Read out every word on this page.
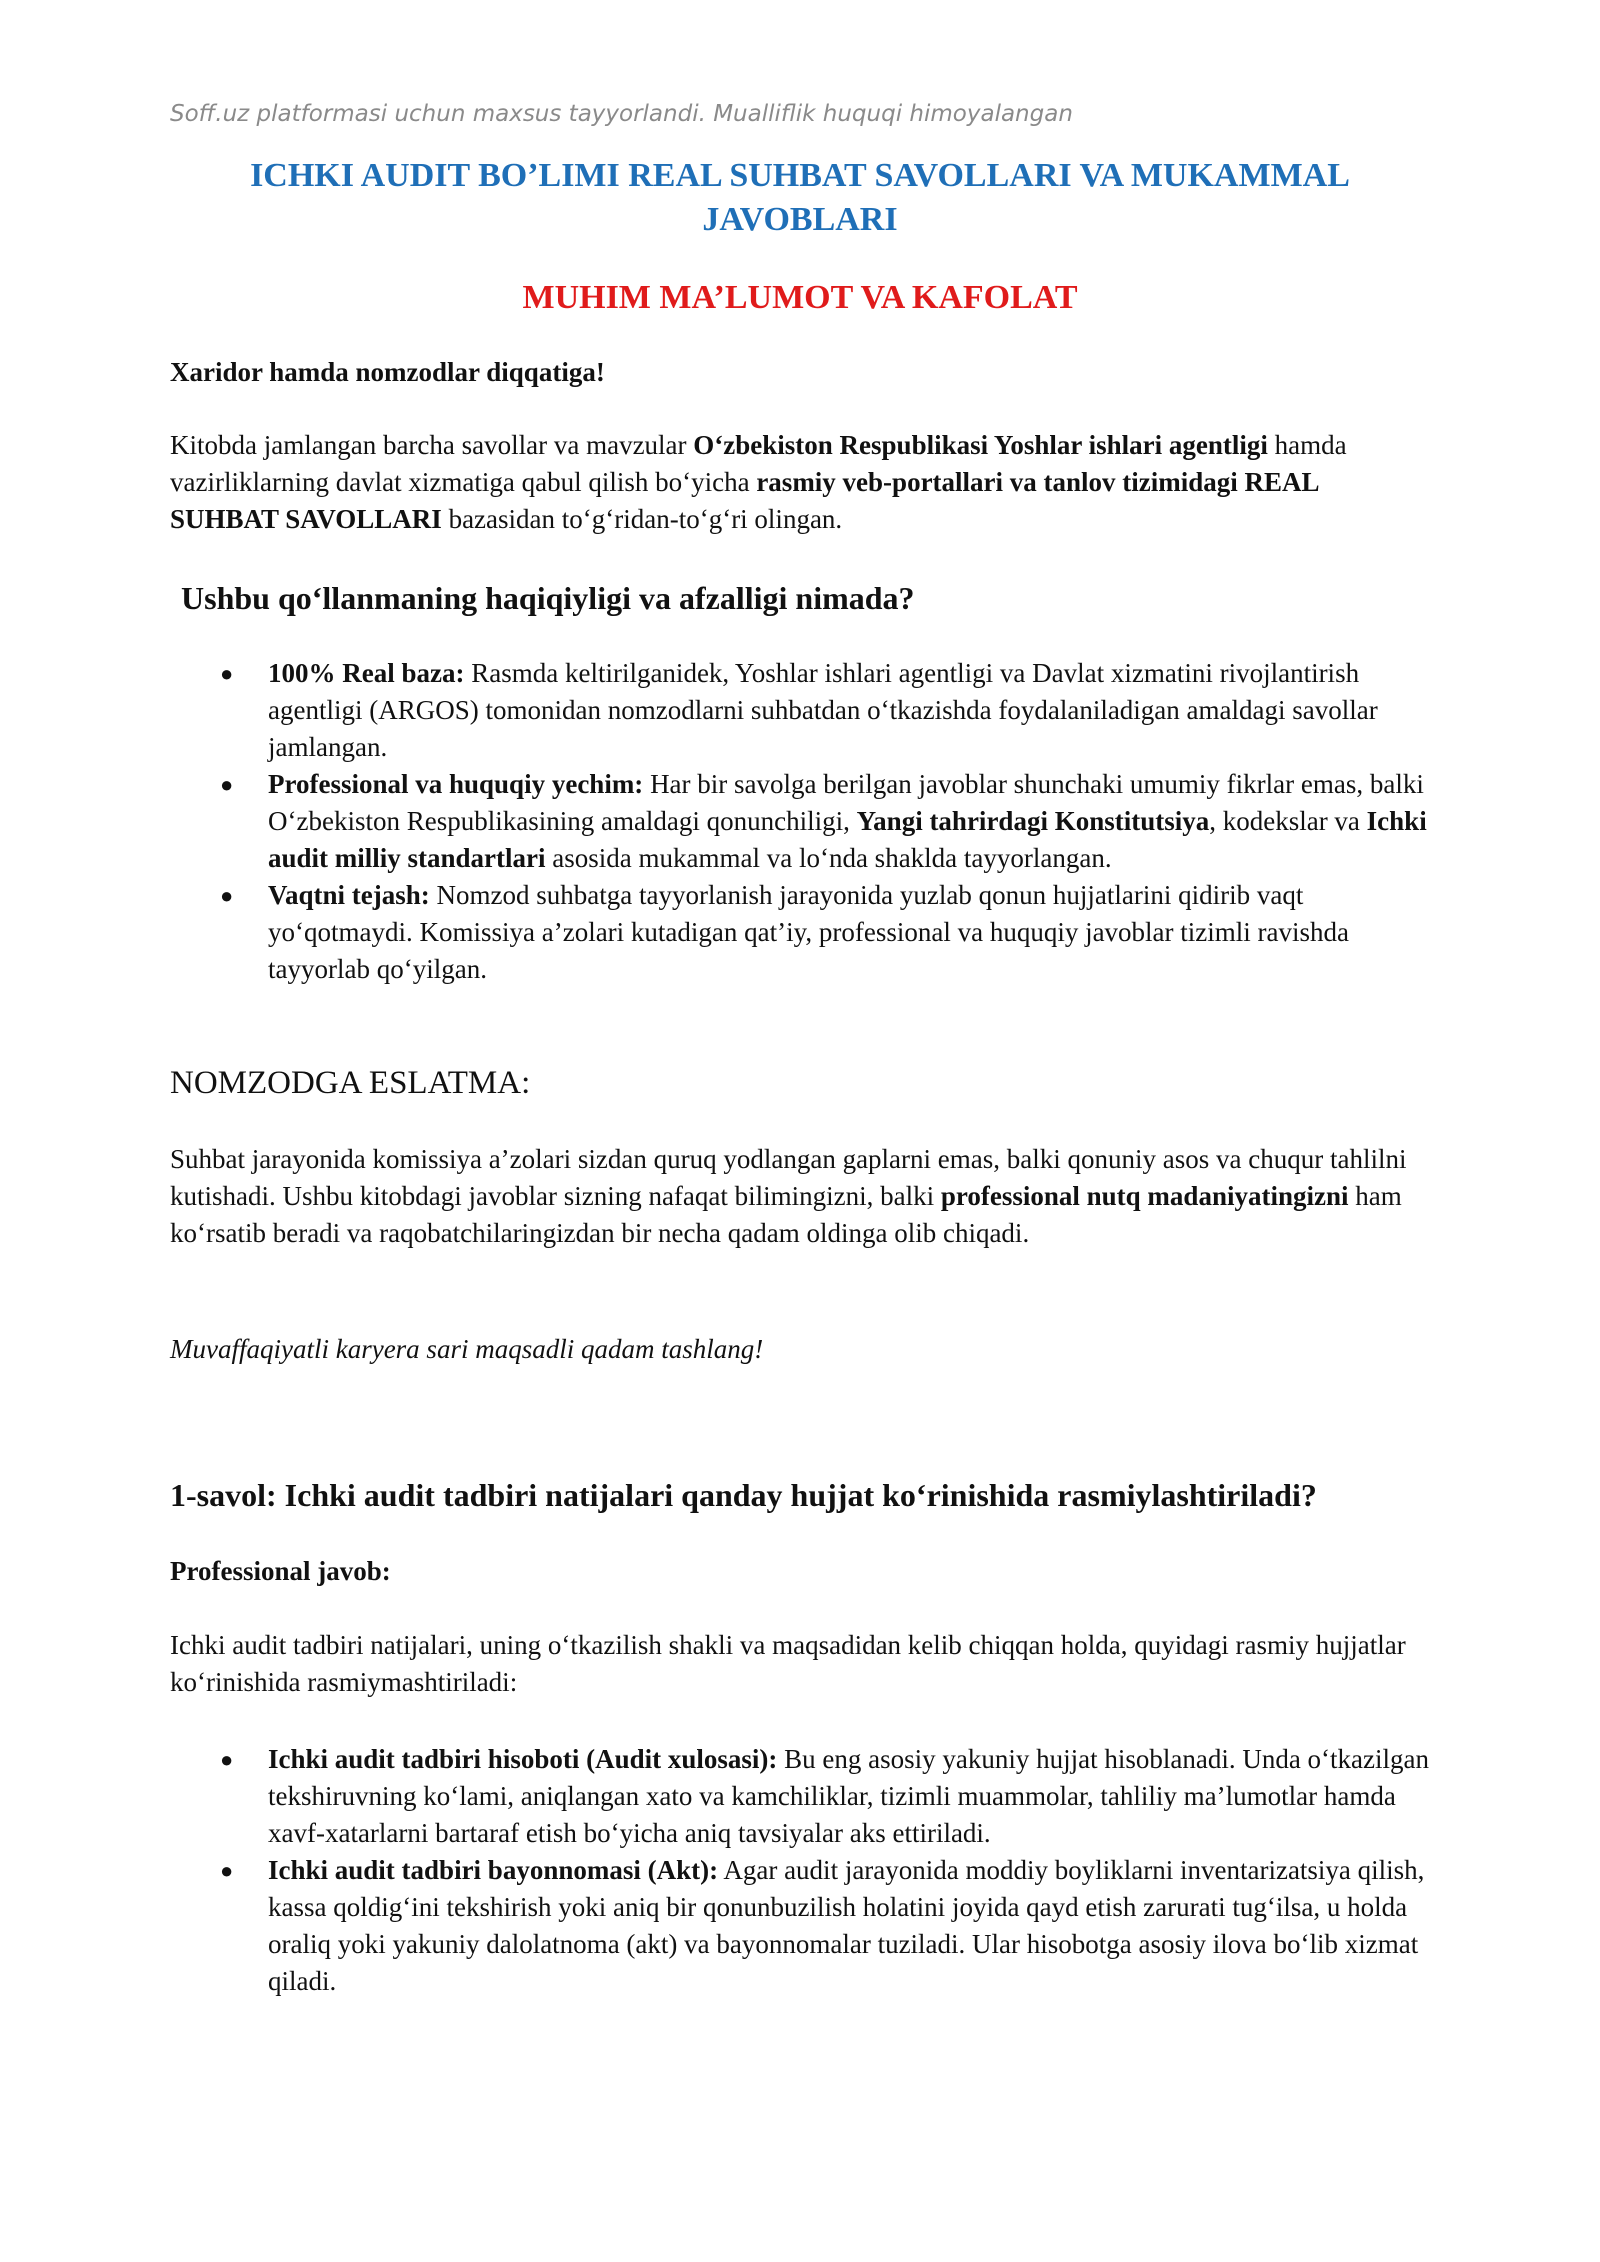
Soff.uz platformasi uchun maxsus tayyorlandi. Mualliflik huquqi himoyalangan

ICHKI AUDIT BO’LIMI REAL SUHBAT SAVOLLARI VA MUKAMMAL
JAVOBLARI
MUHIM MA’LUMOT VA KAFOLAT

Xaridor hamda nomzodlar diqqatiga!

Kitobda jamlangan barcha savollar va mavzular O‘zbekiston Respublikasi Yoshlar ishlari agentligi hamda vazirliklarning davlat xizmatiga qabul qilish bo‘yicha rasmiy veb-portallari va tanlov tizimidagi REAL SUHBAT SAVOLLARI bazasidan to‘g‘ridan-to‘g‘ri olingan.

Ushbu qo‘llanmaning haqiqiyligi va afzalligi nimada?
● 100% Real baza: Rasmda keltirilganidek, Yoshlar ishlari agentligi va Davlat xizmatini rivojlantirish agentligi (ARGOS) tomonidan nomzodlarni suhbatdan o‘tkazishda foydalaniladigan amaldagi savollar jamlangan.
● Professional va huquqiy yechim: Har bir savolga berilgan javoblar shunchaki umumiy fikrlar emas, balki O‘zbekiston Respublikasining amaldagi qonunchiligi, Yangi tahrirdagi Konstitutsiya, kodekslar va Ichki audit milliy standartlari asosida mukammal va lo‘nda shaklda tayyorlangan.
● Vaqtni tejash: Nomzod suhbatga tayyorlanish jarayonida yuzlab qonun hujjatlarini qidirib vaqt yo‘qotmaydi. Komissiya a’zolari kutadigan qat’iy, professional va huquqiy javoblar tizimli ravishda tayyorlab qo‘yilgan.
NOMZODGA ESLATMA:

Suhbat jarayonida komissiya a’zolari sizdan quruq yodlangan gaplarni emas, balki qonuniy asos va chuqur tahlilni kutishadi. Ushbu kitobdagi javoblar sizning nafaqat bilimingizni, balki professional nutq madaniyatingizni ham ko‘rsatib beradi va raqobatchilaringizdan bir necha qadam oldinga olib chiqadi.

Muvaffaqiyatli karyera sari maqsadli qadam tashlang!

1-savol: Ichki audit tadbiri natijalari qanday hujjat ko‘rinishida rasmiylashtiriladi?

Professional javob:

Ichki audit tadbiri natijalari, uning o‘tkazilish shakli va maqsadidan kelib chiqqan holda, quyidagi rasmiy hujjatlar ko‘rinishida rasmiymashtiriladi:

● Ichki audit tadbiri hisoboti (Audit xulosasi): Bu eng asosiy yakuniy hujjat hisoblanadi. Unda o‘tkazilgan tekshiruvning ko‘lami, aniqlangan xato va kamchiliklar, tizimli muammolar, tahliliy ma’lumotlar hamda xavf-xatarlarni bartaraf etish bo‘yicha aniq tavsiyalar aks ettiriladi.
● Ichki audit tadbiri bayonnomasi (Akt): Agar audit jarayonida moddiy boyliklarni inventarizatsiya qilish, kassa qoldig‘ini tekshirish yoki aniq bir qonunbuzilish holatini joyida qayd etish zarurati tug‘ilsa, u holda oraliq yoki yakuniy dalolatnoma (akt) va bayonnomalar tuziladi. Ular hisobotga asosiy ilova bo‘lib xizmat qiladi.
